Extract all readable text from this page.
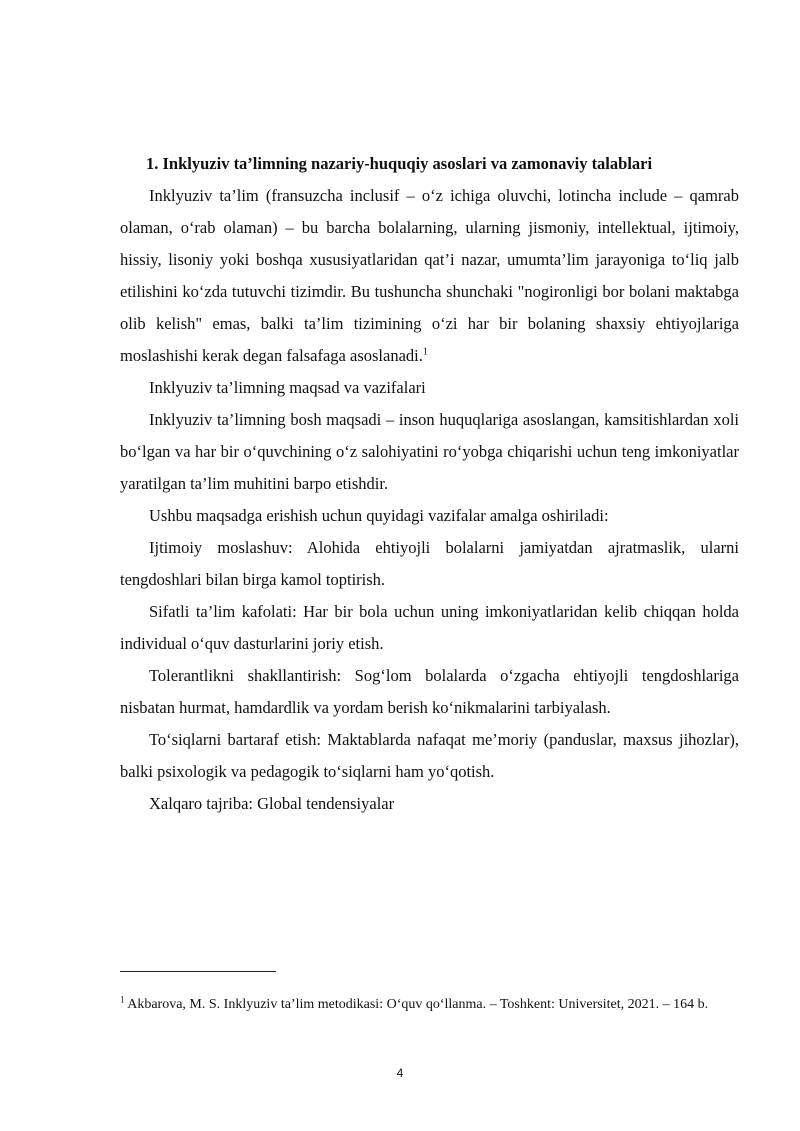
1. Inklyuziv ta’limning nazariy-huquqiy asoslari va zamonaviy talablari

Inklyuziv ta’lim (fransuzcha inclusif – o‘z ichiga oluvchi, lotincha include – qamrab olaman, o‘rab olaman) – bu barcha bolalarning, ularning jismoniy, intellektual, ijtimoiy, hissiy, lisoniy yoki boshqa xususiyatlaridan qat’i nazar, umumta’lim jarayoniga to‘liq jalb etilishini ko‘zda tutuvchi tizimdir. Bu tushuncha shunchaki "nogironligi bor bolani maktabga olib kelish" emas, balki ta’lim tizimining o‘zi har bir bolaning shaxsiy ehtiyojlariga moslashishi kerak degan falsafaga asoslanadi.$^1$

Inklyuziv ta’limning maqsad va vazifalari

Inklyuziv ta’limning bosh maqsadi – inson huquqlariga asoslangan, kamsitishlardan xoli bo‘lgan va har bir o‘quvchining o‘z salohiyatini ro‘yobga chiqarishi uchun teng imkoniyatlar yaratilgan ta’lim muhitini barpo etishdir.

Ushbu maqsadga erishish uchun quyidagi vazifalar amalga oshiriladi:

Ijtimoiy moslashuv: Alohida ehtiyojli bolalarni jamiyatdan ajratmaslik, ularni tengdoshlari bilan birga kamol toptirish.

Sifatli ta’lim kafolati: Har bir bola uchun uning imkoniyatlaridan kelib chiqqan holda individual o‘quv dasturlarini joriy etish.

Tolerantlikni shakllantirish: Sog‘lom bolalarda o‘zgacha ehtiyojli tengdoshlariga nisbatan hurmat, hamdardlik va yordam berish ko‘nikmalarini tarbiyalash.

To‘siqlarni bartaraf etish: Maktablarda nafaqat me’moriy (panduslar, maxsus jihozlar), balki psixologik va pedagogik to‘siqlarni ham yo‘qotish.

Xalqaro tajriba: Global tendensiyalar

$^1$ Akbarova, M. S. Inklyuziv ta’lim metodikasi: O‘quv qo‘llanma. – Toshkent: Universitet, 2021. – 164 b.
4
